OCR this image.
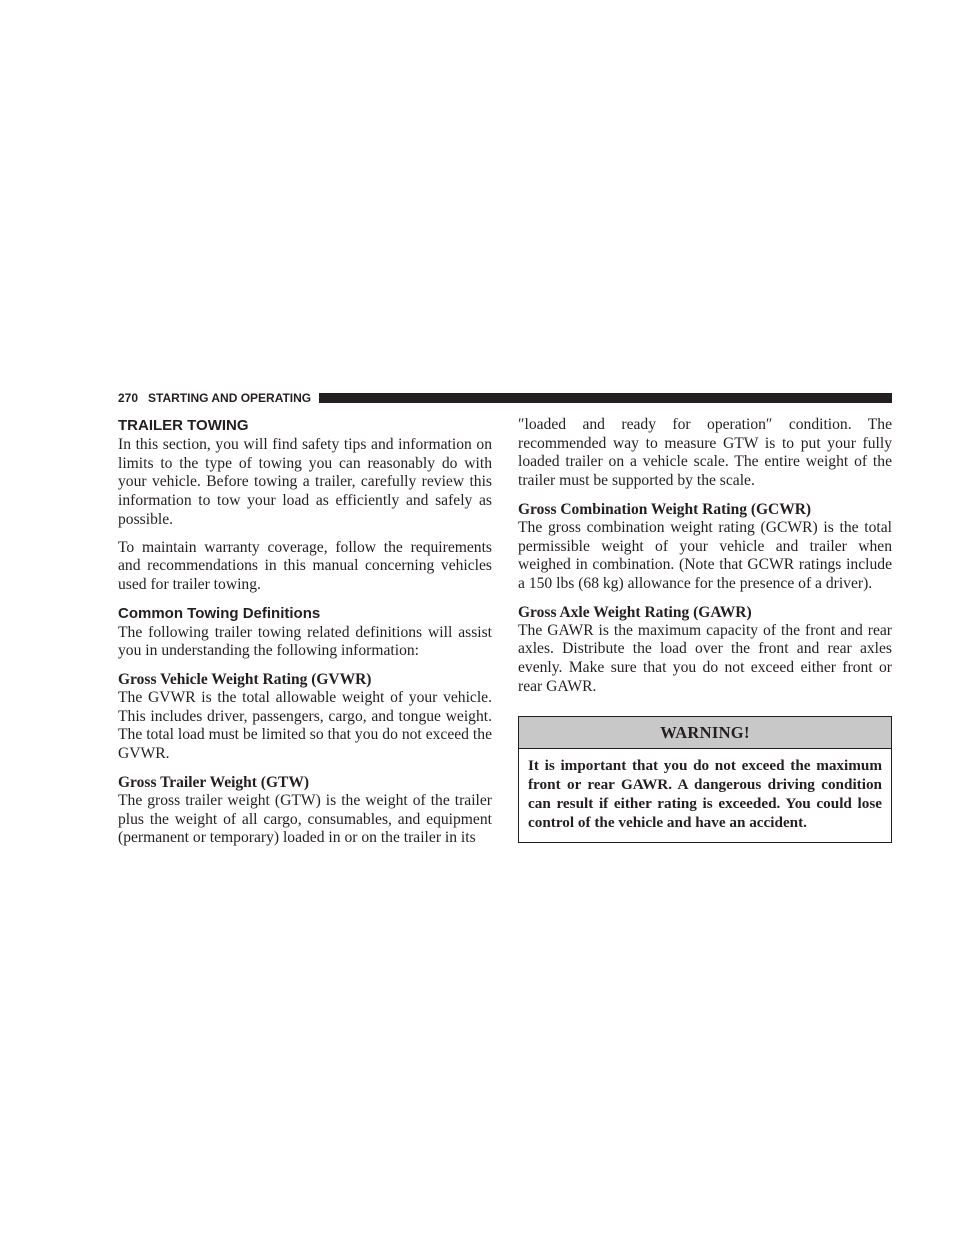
270 STARTING AND OPERATING
TRAILER TOWING

In this section, you will find safety tips and information on limits to the type of towing you can reasonably do with your vehicle. Before towing a trailer, carefully review this information to tow your load as efficiently and safely as possible.

To maintain warranty coverage, follow the requirements and recommendations in this manual concerning vehicles used for trailer towing.

Common Towing Definitions

The following trailer towing related definitions will assist you in understanding the following information:

Gross Vehicle Weight Rating (GVWR)

The GVWR is the total allowable weight of your vehicle. This includes driver, passengers, cargo, and tongue weight. The total load must be limited so that you do not exceed the GVWR.

Gross Trailer Weight (GTW)

The gross trailer weight (GTW) is the weight of the trailer plus the weight of all cargo, consumables, and equipment (permanent or temporary) loaded in or on the trailer in its

″loaded and ready for operation″ condition. The recommended way to measure GTW is to put your fully loaded trailer on a vehicle scale. The entire weight of the trailer must be supported by the scale.

Gross Combination Weight Rating (GCWR)

The gross combination weight rating (GCWR) is the total permissible weight of your vehicle and trailer when weighed in combination. (Note that GCWR ratings include a 150 lbs (68 kg) allowance for the presence of a driver).

Gross Axle Weight Rating (GAWR)

The GAWR is the maximum capacity of the front and rear axles. Distribute the load over the front and rear axles evenly. Make sure that you do not exceed either front or rear GAWR.

WARNING!
It is important that you do not exceed the maximum front or rear GAWR. A dangerous driving condition can result if either rating is exceeded. You could lose control of the vehicle and have an accident.
